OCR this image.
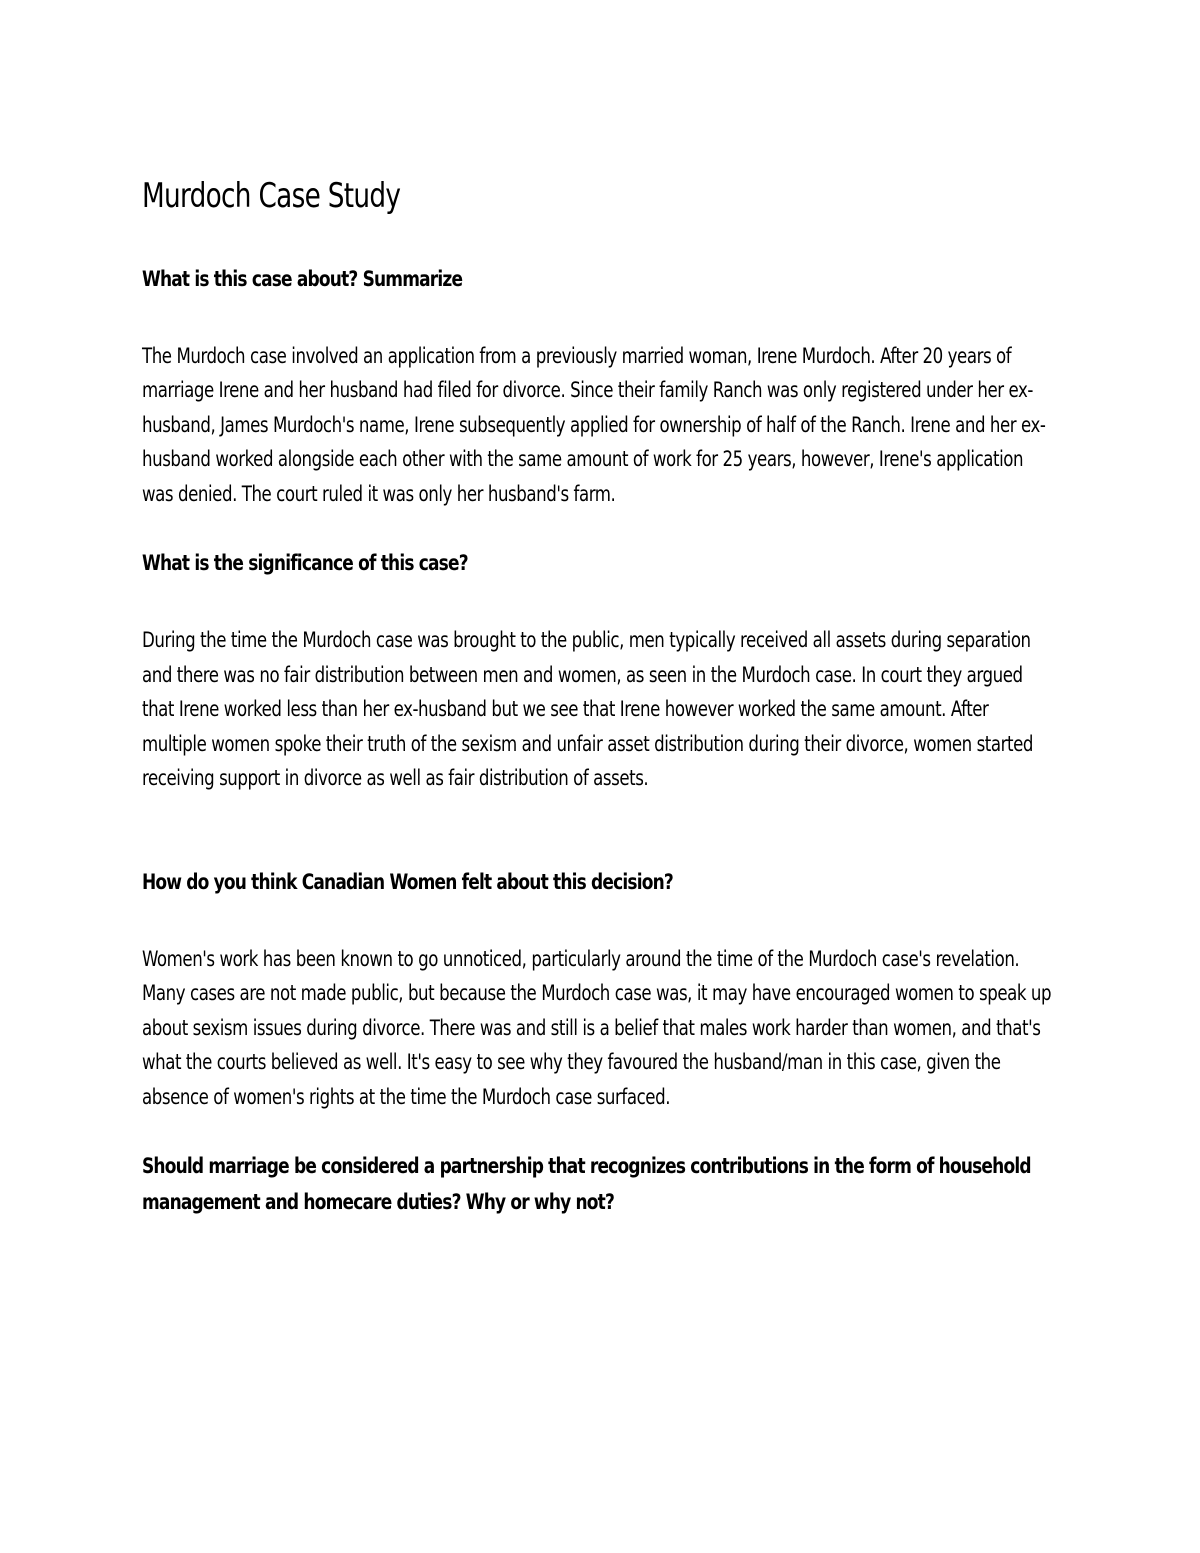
Murdoch Case Study

What is this case about? Summarize

The Murdoch case involved an application from a previously married woman, Irene Murdoch. After 20 years of marriage Irene and her husband had filed for divorce. Since their family Ranch was only registered under her ex-husband, James Murdoch's name, Irene subsequently applied for ownership of half of the Ranch. Irene and her ex-husband worked alongside each other with the same amount of work for 25 years, however, Irene's application was denied. The court ruled it was only her husband's farm.

What is the significance of this case?

During the time the Murdoch case was brought to the public, men typically received all assets during separation and there was no fair distribution between men and women, as seen in the Murdoch case. In court they argued that Irene worked less than her ex-husband but we see that Irene however worked the same amount. After multiple women spoke their truth of the sexism and unfair asset distribution during their divorce, women started receiving support in divorce as well as fair distribution of assets.

How do you think Canadian Women felt about this decision?

Women's work has been known to go unnoticed, particularly around the time of the Murdoch case's revelation. Many cases are not made public, but because the Murdoch case was, it may have encouraged women to speak up about sexism issues during divorce. There was and still is a belief that males work harder than women, and that's what the courts believed as well. It's easy to see why they favoured the husband/man in this case, given the absence of women's rights at the time the Murdoch case surfaced.

Should marriage be considered a partnership that recognizes contributions in the form of household management and homecare duties? Why or why not?
